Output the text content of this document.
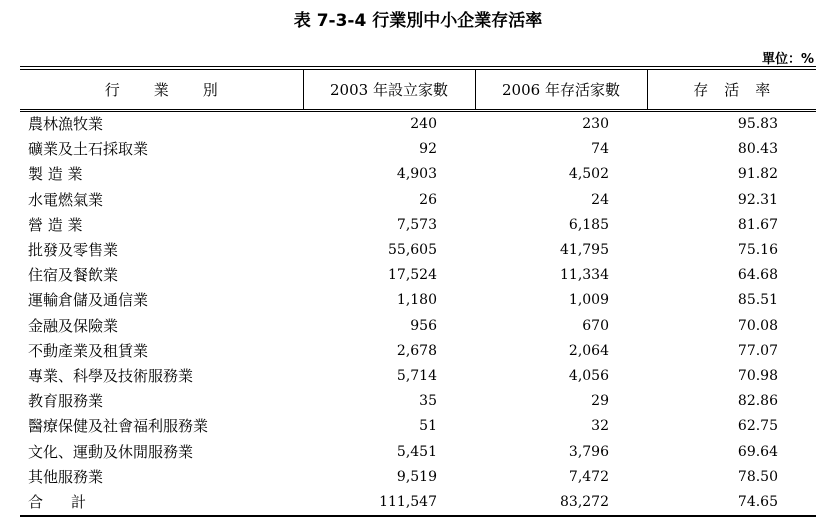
表 7-3-4 行業別中小企業存活率
單位：%
行業別	2003 年設立家數	2006 年存活家數	存活率
農林漁牧業	240	230	95.83
礦業及土石採取業	92	74	80.43
製 造 業	4,903	4,502	91.82
水電燃氣業	26	24	92.31
營 造 業	7,573	6,185	81.67
批發及零售業	55,605	41,795	75.16
住宿及餐飲業	17,524	11,334	64.68
運輸倉儲及通信業	1,180	1,009	85.51
金融及保險業	956	670	70.08
不動產業及租賃業	2,678	2,064	77.07
專業、科學及技術服務業	5,714	4,056	70.98
教育服務業	35	29	82.86
醫療保健及社會福利服務業	51	32	62.75
文化、運動及休閒服務業	5,451	3,796	69.64
其他服務業	9,519	7,472	78.50
合計	111,547	83,272	74.65
